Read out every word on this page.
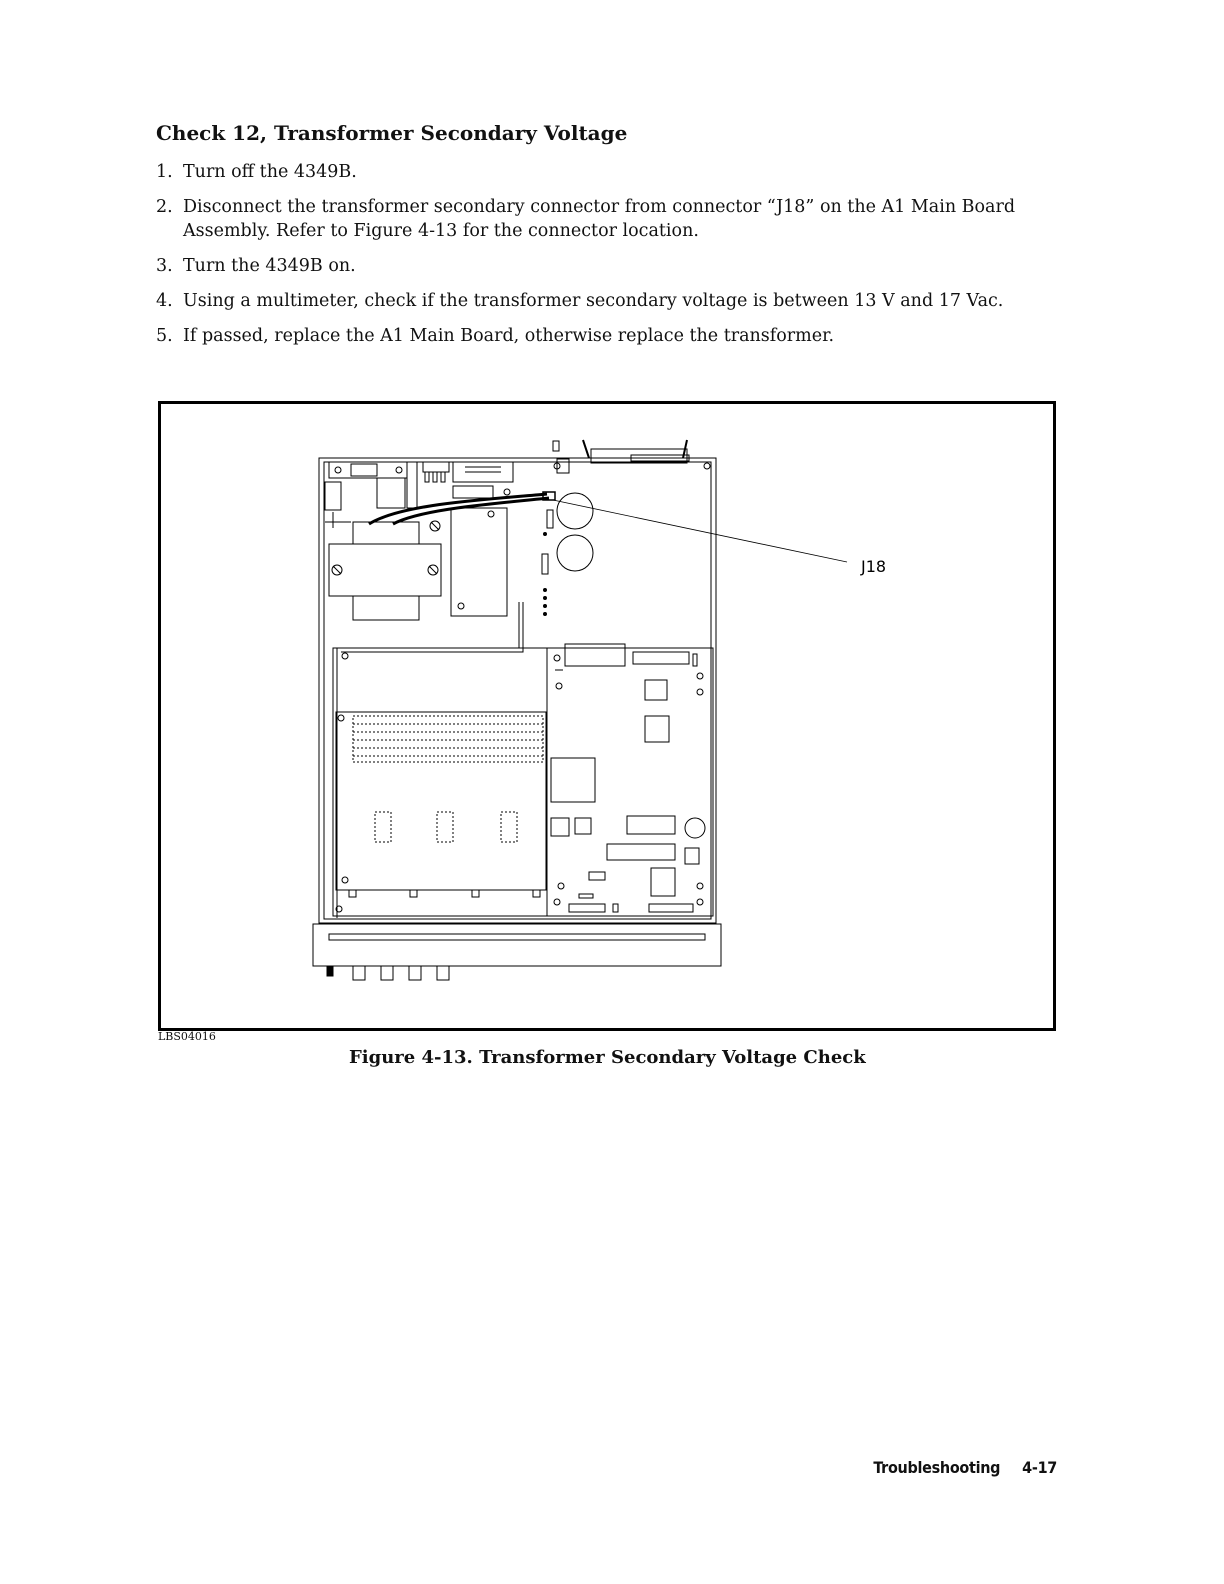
Check 12, Transformer Secondary Voltage
1. Turn off the 4349B.
2. Disconnect the transformer secondary connector from connector “J18” on the A1 Main Board Assembly. Refer to Figure 4-13 for the connector location.
3. Turn the 4349B on.
4. Using a multimeter, check if the transformer secondary voltage is between 13 V and 17 Vac.
5. If passed, replace the A1 Main Board, otherwise replace the transformer.
J18
LBS04016

Figure 4-13. Transformer Secondary Voltage Check

Troubleshooting 4-17
